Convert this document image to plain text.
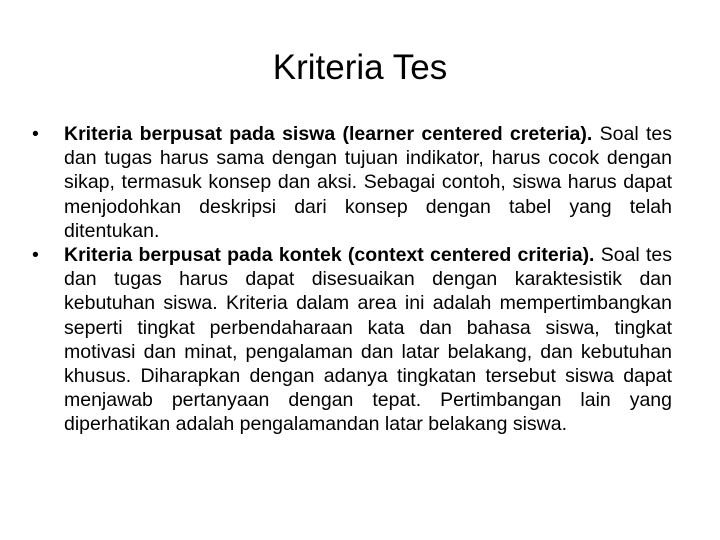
Kriteria Tes
•	Kriteria berpusat pada siswa (learner centered creteria). Soal tes dan tugas harus sama dengan tujuan indikator, harus cocok dengan sikap, termasuk konsep dan aksi. Sebagai contoh, siswa harus dapat menjodohkan deskripsi dari konsep dengan tabel yang telah ditentukan.
•	Kriteria berpusat pada kontek (context centered criteria). Soal tes dan tugas harus dapat disesuaikan dengan karaktesistik dan kebutuhan siswa. Kriteria dalam area ini adalah mempertimbangkan seperti tingkat perbendaharaan kata dan bahasa siswa, tingkat motivasi dan minat, pengalaman dan latar belakang, dan kebutuhan khusus. Diharapkan dengan adanya tingkatan tersebut siswa dapat menjawab pertanyaan dengan tepat. Pertimbangan lain yang diperhatikan adalah pengalamandan latar belakang siswa.
